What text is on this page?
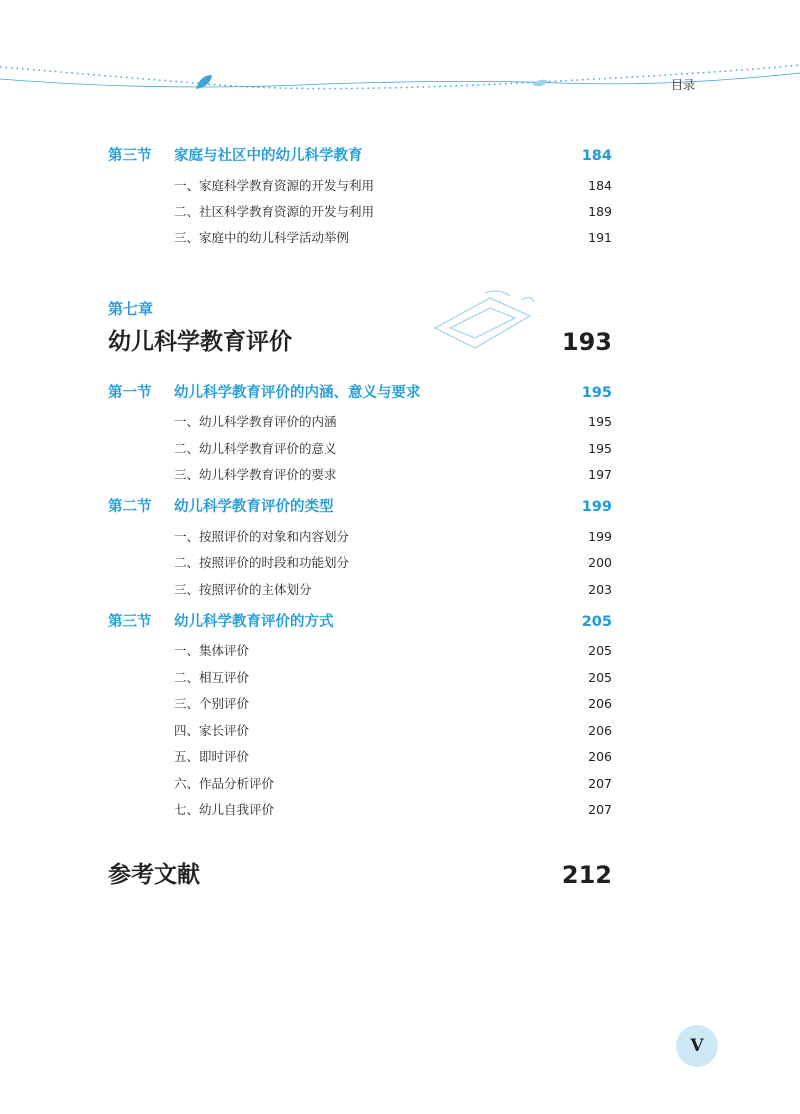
目录
第三节 家庭与社区中的幼儿科学教育	184
一、家庭科学教育资源的开发与利用	184
二、社区科学教育资源的开发与利用	189
三、家庭中的幼儿科学活动举例	191
第七章
幼儿科学教育评价	193
第一节 幼儿科学教育评价的内涵、意义与要求	195
一、幼儿科学教育评价的内涵	195
二、幼儿科学教育评价的意义	195
三、幼儿科学教育评价的要求	197
第二节 幼儿科学教育评价的类型	199
一、按照评价的对象和内容划分	199
二、按照评价的时段和功能划分	200
三、按照评价的主体划分	203
第三节 幼儿科学教育评价的方式	205
一、集体评价	205
二、相互评价	205
三、个别评价	206
四、家长评价	206
五、即时评价	206
六、作品分析评价	207
七、幼儿自我评价	207
参考文献	212
V
